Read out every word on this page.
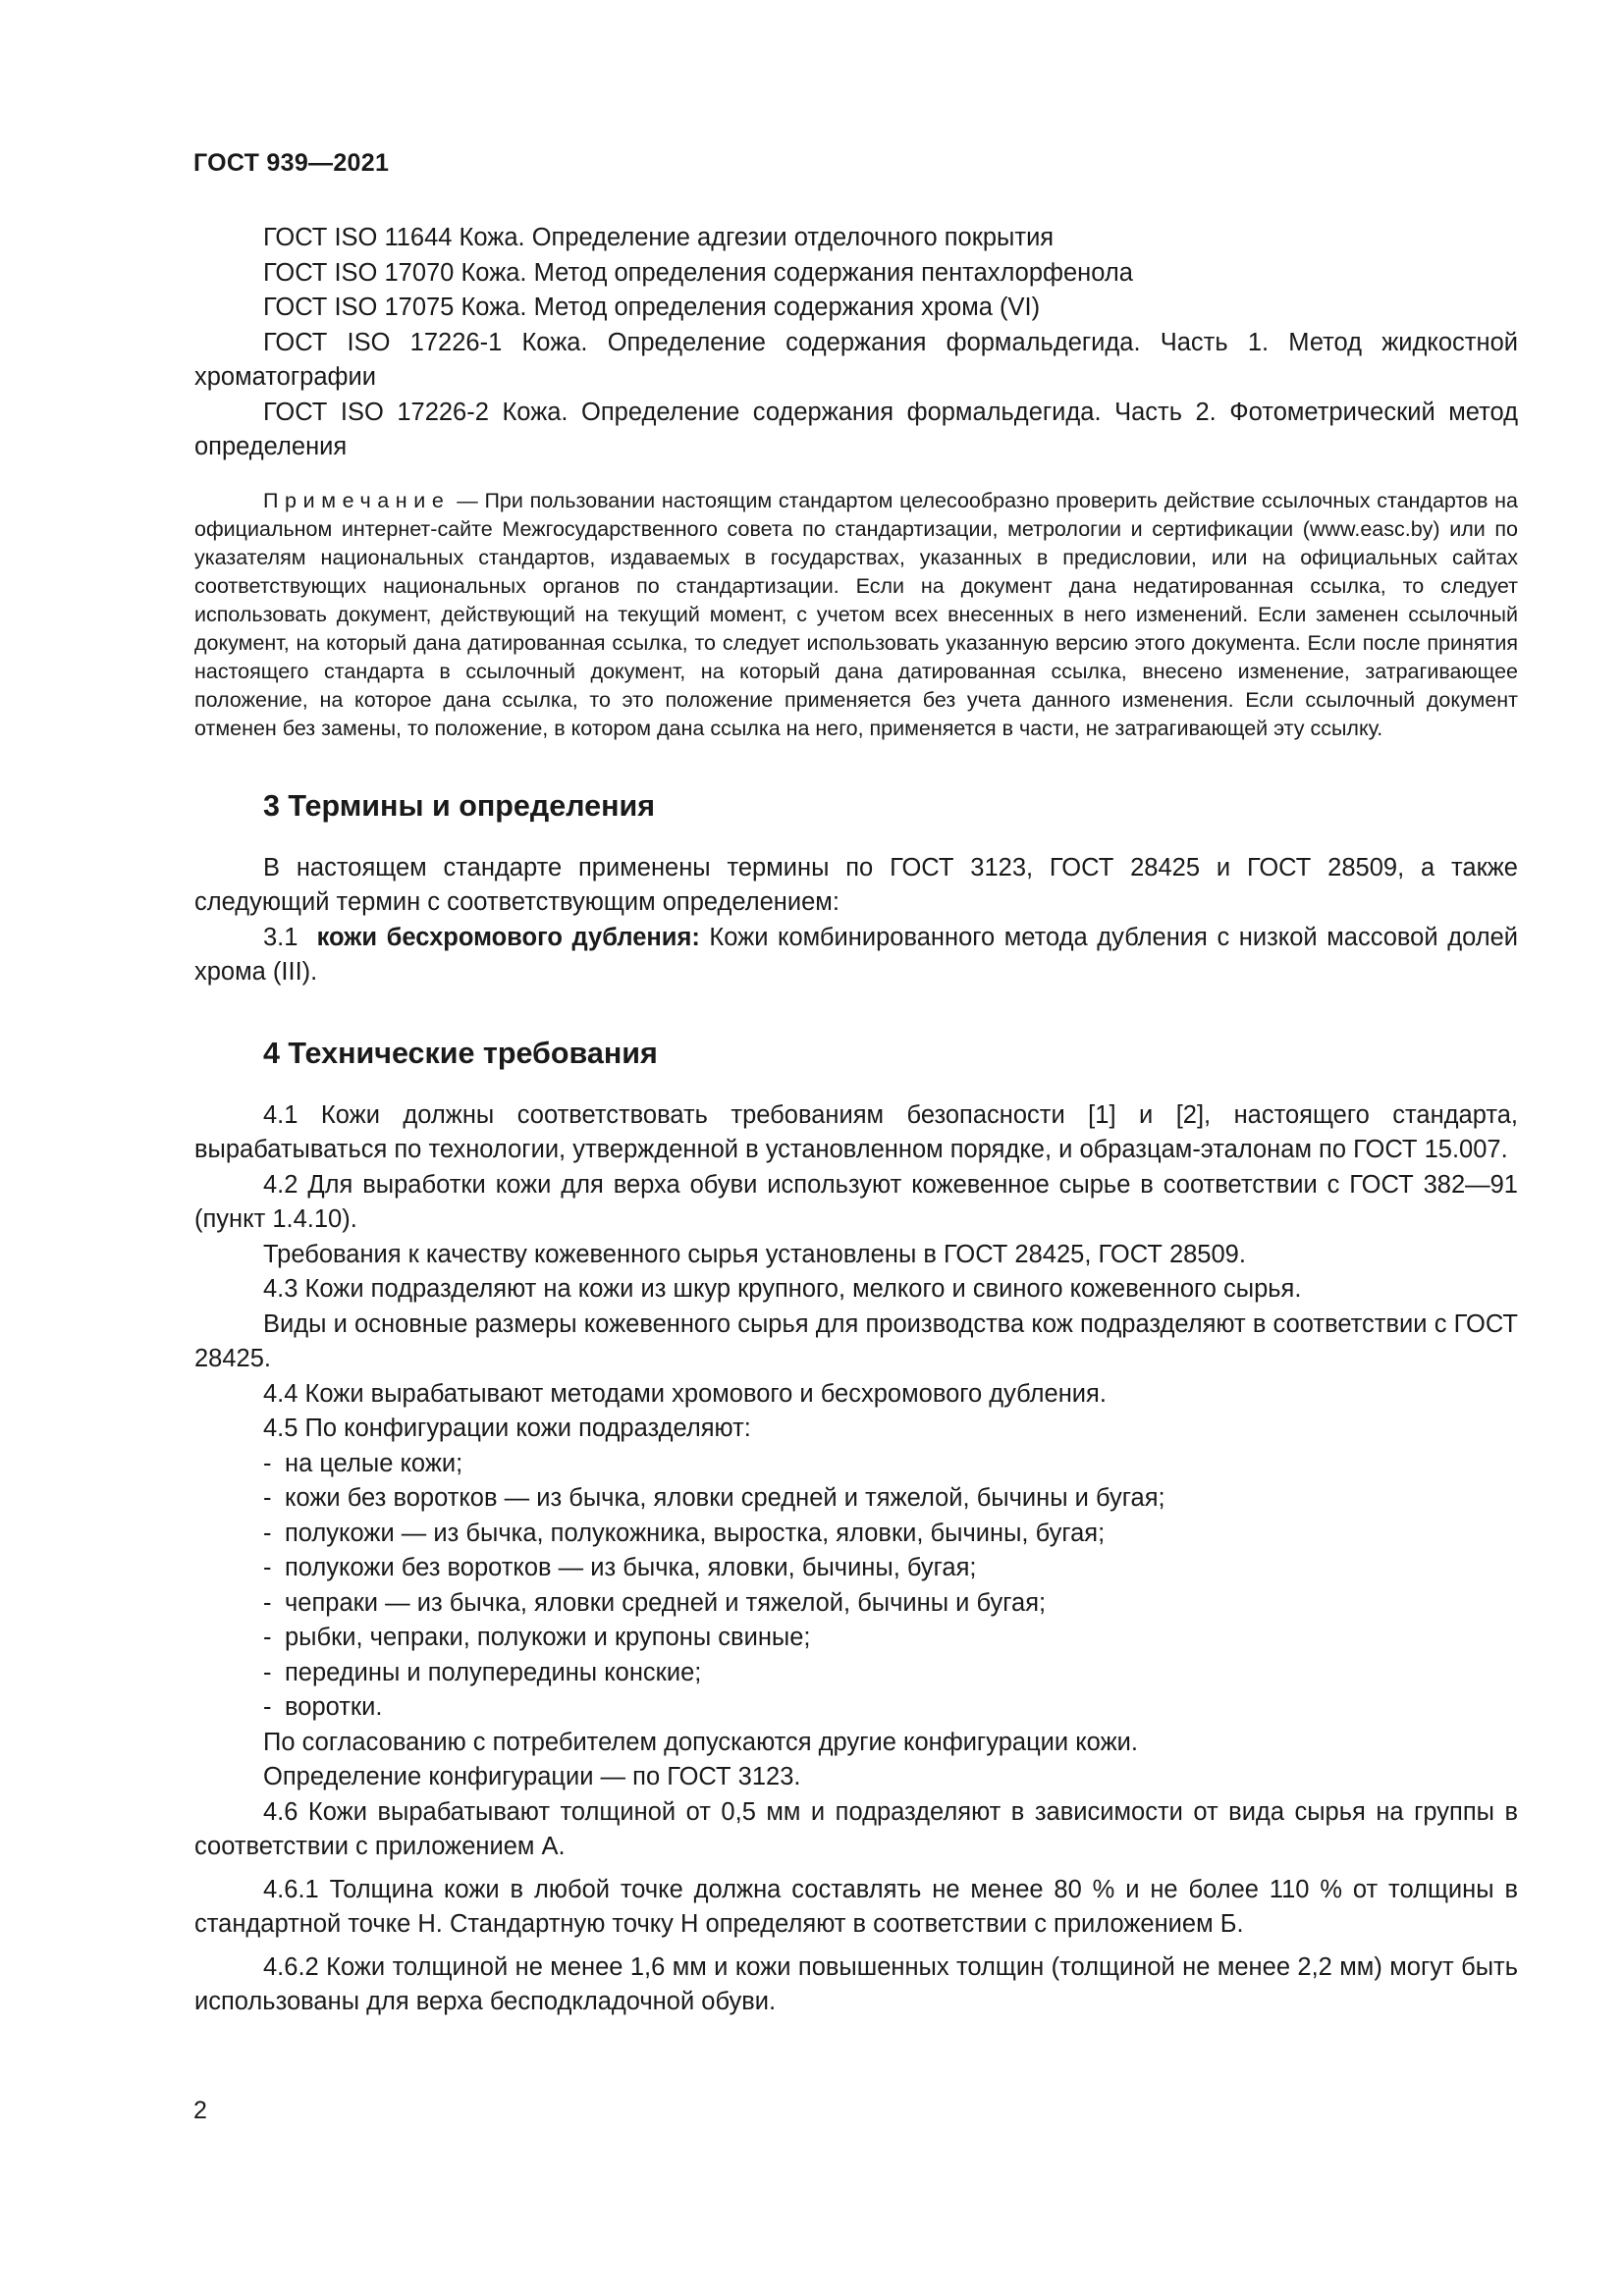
ГОСТ 939—2021

ГОСТ ISO 11644 Кожа. Определение адгезии отделочного покрытия

ГОСТ ISO 17070 Кожа. Метод определения содержания пентахлорфенола

ГОСТ ISO 17075 Кожа. Метод определения содержания хрома (VI)

ГОСТ ISO 17226-1 Кожа. Определение содержания формальдегида. Часть 1. Метод жидкостной хроматографии

ГОСТ ISO 17226-2 Кожа. Определение содержания формальдегида. Часть 2. Фотометрический метод определения

Примечание — При пользовании настоящим стандартом целесообразно проверить действие ссылочных стандартов на официальном интернет-сайте Межгосударственного совета по стандартизации, метрологии и сертификации (www.easc.by) или по указателям национальных стандартов, издаваемых в государствах, указанных в предисловии, или на официальных сайтах соответствующих национальных органов по стандартизации. Если на документ дана недатированная ссылка, то следует использовать документ, действующий на текущий момент, с учетом всех внесенных в него изменений. Если заменен ссылочный документ, на который дана датированная ссылка, то следует использовать указанную версию этого документа. Если после принятия настоящего стандарта в ссылочный документ, на который дана датированная ссылка, внесено изменение, затрагивающее положение, на которое дана ссылка, то это положение применяется без учета данного изменения. Если ссылочный документ отменен без замены, то положение, в котором дана ссылка на него, применяется в части, не затрагивающей эту ссылку.

3 Термины и определения

В настоящем стандарте применены термины по ГОСТ 3123, ГОСТ 28425 и ГОСТ 28509, а также следующий термин с соответствующим определением:

3.1 кожи бесхромового дубления: Кожи комбинированного метода дубления с низкой массовой долей хрома (III).

4 Технические требования

4.1 Кожи должны соответствовать требованиям безопасности [1] и [2], настоящего стандарта, вырабатываться по технологии, утвержденной в установленном порядке, и образцам-эталонам по ГОСТ 15.007.

4.2 Для выработки кожи для верха обуви используют кожевенное сырье в соответствии с ГОСТ 382—91 (пункт 1.4.10).

Требования к качеству кожевенного сырья установлены в ГОСТ 28425, ГОСТ 28509.

4.3 Кожи подразделяют на кожи из шкур крупного, мелкого и свиного кожевенного сырья.

Виды и основные размеры кожевенного сырья для производства кож подразделяют в соответствии с ГОСТ 28425.

4.4 Кожи вырабатывают методами хромового и бесхромового дубления.

4.5 По конфигурации кожи подразделяют:

- на целые кожи;
- кожи без воротков — из бычка, яловки средней и тяжелой, бычины и бугая;
- полукожи — из бычка, полукожника, выростка, яловки, бычины, бугая;
- полукожи без воротков — из бычка, яловки, бычины, бугая;
- чепраки — из бычка, яловки средней и тяжелой, бычины и бугая;
- рыбки, чепраки, полукожи и крупоны свиные;
- передины и полупередины конские;
- воротки.

По согласованию с потребителем допускаются другие конфигурации кожи.

Определение конфигурации — по ГОСТ 3123.

4.6 Кожи вырабатывают толщиной от 0,5 мм и подразделяют в зависимости от вида сырья на группы в соответствии с приложением А.

4.6.1 Толщина кожи в любой точке должна составлять не менее 80 % и не более 110 % от толщины в стандартной точке Н. Стандартную точку Н определяют в соответствии с приложением Б.

4.6.2 Кожи толщиной не менее 1,6 мм и кожи повышенных толщин (толщиной не менее 2,2 мм) могут быть использованы для верха бесподкладочной обуви.

2
